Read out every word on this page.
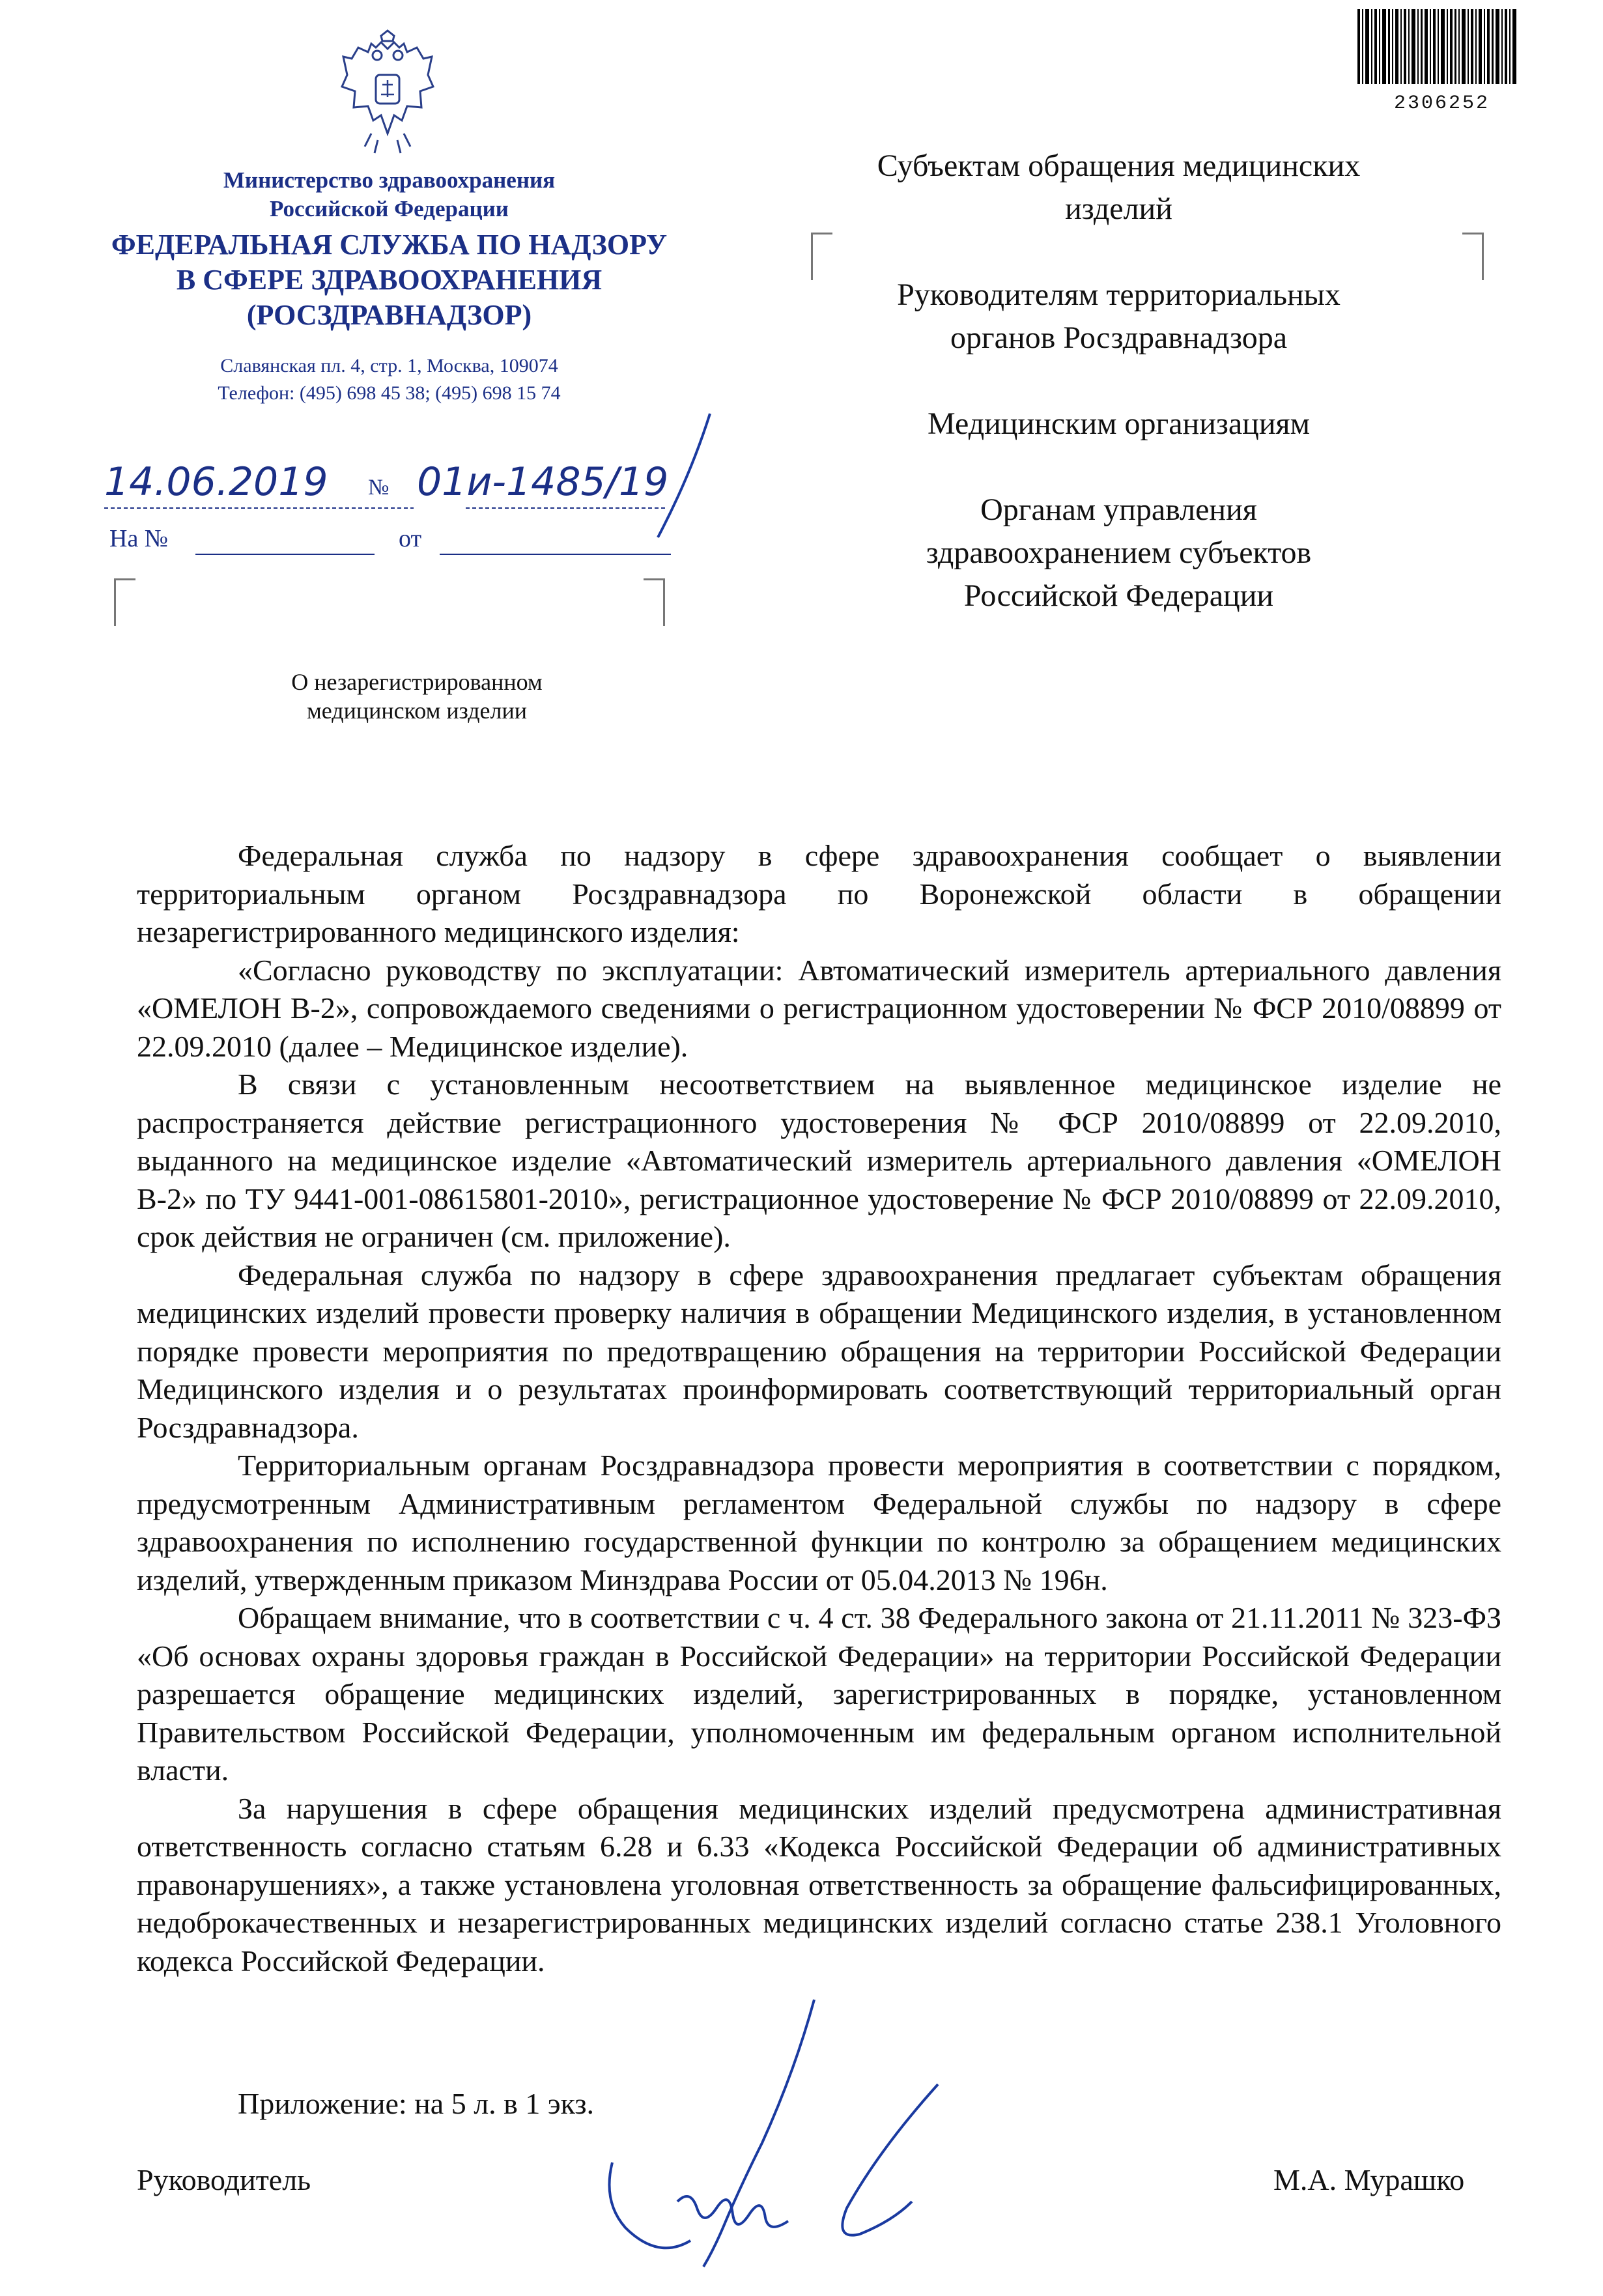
Министерство здравоохранения
Российской Федерации
ФЕДЕРАЛЬНАЯ СЛУЖБА ПО НАДЗОРУ
В СФЕРЕ ЗДРАВООХРАНЕНИЯ
(РОСЗДРАВНАДЗОР)
Славянская пл. 4, стр. 1, Москва, 109074
Телефон: (495) 698 45 38; (495) 698 15 74
14.06.2019 № 01и-1485/19
На №	от
О незарегистрированном
медицинском изделии
2306252

Субъектам обращения медицинских изделий

Руководителям территориальных органов Росздравнадзора

Медицинским организациям

Органам управления здравоохранением субъектов Российской Федерации

Федеральная служба по надзору в сфере здравоохранения сообщает о выявлении территориальным органом Росздравнадзора по Воронежской области в обращении незарегистрированного медицинского изделия:

«Согласно руководству по эксплуатации: Автоматический измеритель артериального давления «ОМЕЛОН В-2», сопровождаемого сведениями о регистрационном удостоверении № ФСР 2010/08899 от 22.09.2010 (далее – Медицинское изделие).

В связи с установленным несоответствием на выявленное медицинское изделие не распространяется действие регистрационного удостоверения № ФСР 2010/08899 от 22.09.2010, выданного на медицинское изделие «Автоматический измеритель артериального давления «ОМЕЛОН В-2» по ТУ 9441-001-08615801-2010», регистрационное удостоверение № ФСР 2010/08899 от 22.09.2010, срок действия не ограничен (см. приложение).

Федеральная служба по надзору в сфере здравоохранения предлагает субъектам обращения медицинских изделий провести проверку наличия в обращении Медицинского изделия, в установленном порядке провести мероприятия по предотвращению обращения на территории Российской Федерации Медицинского изделия и о результатах проинформировать соответствующий территориальный орган Росздравнадзора.

Территориальным органам Росздравнадзора провести мероприятия в соответствии с порядком, предусмотренным Административным регламентом Федеральной службы по надзору в сфере здравоохранения по исполнению государственной функции по контролю за обращением медицинских изделий, утвержденным приказом Минздрава России от 05.04.2013 № 196н.

Обращаем внимание, что в соответствии с ч. 4 ст. 38 Федерального закона от 21.11.2011 № 323-ФЗ «Об основах охраны здоровья граждан в Российской Федерации» на территории Российской Федерации разрешается обращение медицинских изделий, зарегистрированных в порядке, установленном Правительством Российской Федерации, уполномоченным им федеральным органом исполнительной власти.

За нарушения в сфере обращения медицинских изделий предусмотрена административная ответственность согласно статьям 6.28 и 6.33 «Кодекса Российской Федерации об административных правонарушениях», а также установлена уголовная ответственность за обращение фальсифицированных, недоброкачественных и незарегистрированных медицинских изделий согласно статье 238.1 Уголовного кодекса Российской Федерации.

Приложение: на 5 л. в 1 экз.
Руководитель	М.А. Мурашко
